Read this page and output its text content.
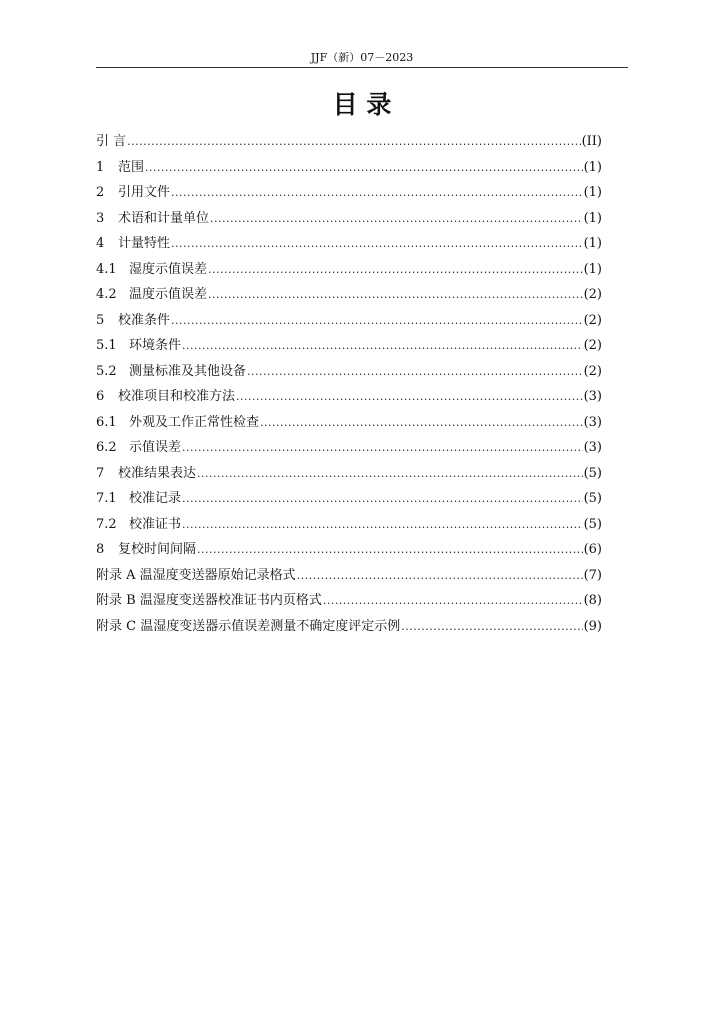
JJF（新）07－2023
目 录
引 言 .....	(II)
1	范围 .....	(1)
2	引用文件 .....	(1)
3	术语和计量单位 .....	(1)
4	计量特性 .....	(1)
4.1 湿度示值误差 .....	(1)
4.2 温度示值误差 .....	(2)
5	校准条件 .....	(2)
5.1 环境条件 .....	(2)
5.2 测量标准及其他设备 .....	(2)
6	校准项目和校准方法 .....	(3)
6.1 外观及工作正常性检查 .....	(3)
6.2 示值误差 .....	(3)
7	校准结果表达 .....	(5)
7.1 校准记录 .....	(5)
7.2 校准证书 .....	(5)
8	复校时间间隔 .....	(6)
附录 A 温湿度变送器原始记录格式 .....	(7)
附录 B 温湿度变送器校准证书内页格式 .....	(8)
附录 C 温湿度变送器示值误差测量不确定度评定示例 .....	(9)
